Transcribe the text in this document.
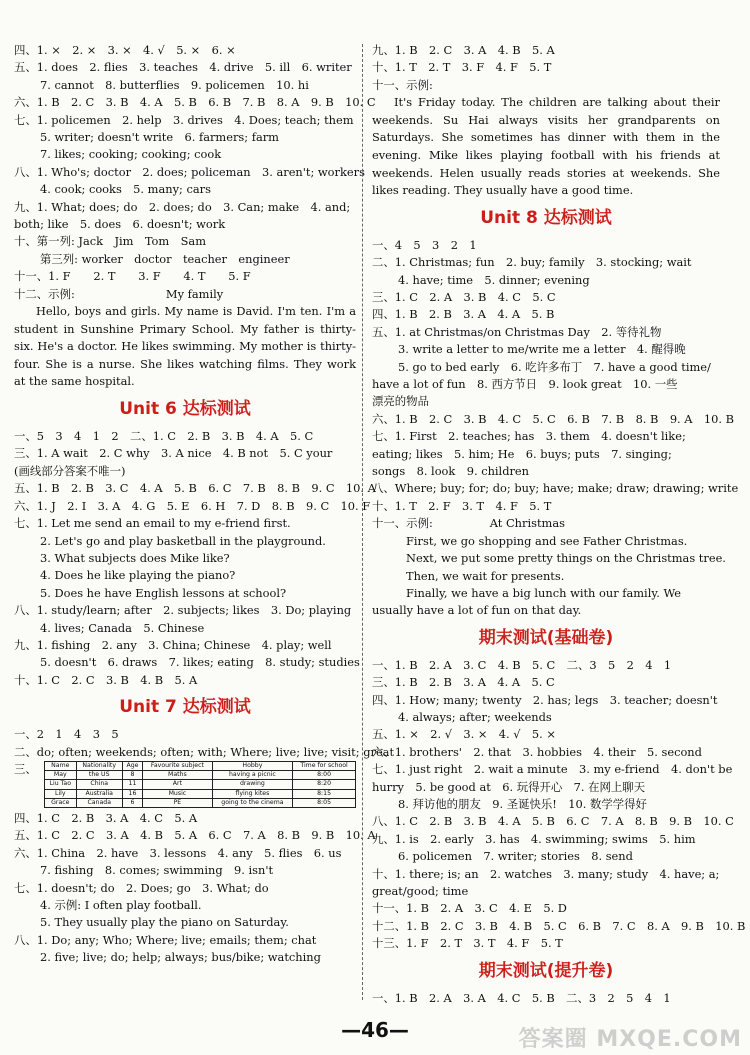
四、1. ×　2. ×　3. ×　4. √　5. ×　6. ×
五、1. does　2. flies　3. teaches　4. drive　5. ill　6. writer
7. cannot　8. butterflies　9. policemen　10. hi
六、1. B　2. C　3. B　4. A　5. B　6. B　7. B　8. A　9. B　10. C
七、1. policemen　2. help　3. drives　4. Does; teach; them
5. writer; doesn't write　6. farmers; farm
7. likes; cooking; cooking; cook
八、1. Who's; doctor　2. does; policeman　3. aren't; workers
4. cook; cooks　5. many; cars
九、1. What; does; do　2. does; do　3. Can; make　4. and;
both; like　5. does　6. doesn't; work
十、第一列: Jack　Jim　Tom　Sam
第三列: worker　doctor　teacher　engineer
十一、1. F　　2. T　　3. F　　4. T　　5. F
十二、示例:　　　　　　　　My family
Hello, boys and girls. My name is David. I'm ten. I'm a student in Sunshine Primary School. My father is thirty-six. He's a doctor. He likes swimming. My mother is thirty-four. She is a nurse. She likes watching films. They work at the same hospital.
Unit 6 达标测试
一、5　3　4　1　2　二、1. C　2. B　3. B　4. A　5. C
三、1. A wait　2. C why　3. A nice　4. B not　5. C your
(画线部分答案不唯一)
五、1. B　2. B　3. C　4. A　5. B　6. C　7. B　8. B　9. C　10. A
六、1. J　2. I　3. A　4. G　5. E　6. H　7. D　8. B　9. C　10. F
七、1. Let me send an email to my e-friend first.
2. Let's go and play basketball in the playground.
3. What subjects does Mike like?
4. Does he like playing the piano?
5. Does he have English lessons at school?
八、1. study/learn; after　2. subjects; likes　3. Do; playing
4. lives; Canada　5. Chinese
九、1. fishing　2. any　3. China; Chinese　4. play; well
5. doesn't　6. draws　7. likes; eating　8. study; studies
十、1. C　2. C　3. B　4. B　5. A
Unit 7 达标测试
一、2　1　4　3　5
二、do; often; weekends; often; with; Where; live; live; visit; great
三、 Name	Nationality	Age	Favourite subject	Hobby	Time for school
May	the US	8	Maths	having a picnic	8:00
Liu Tao	China	11	Art	drawing	8:20
Lily	Australia	16	Music	flying kites	8:15
Grace	Canada	6	PE	going to the cinema	8:05
四、1. C　2. B　3. A　4. C　5. A
五、1. C　2. C　3. A　4. B　5. A　6. C　7. A　8. B　9. B　10. A
六、1. China　2. have　3. lessons　4. any　5. flies　6. us
7. fishing　8. comes; swimming　9. isn't
七、1. doesn't; do　2. Does; go　3. What; do
4. 示例: I often play football.
5. They usually play the piano on Saturday.
八、1. Do; any; Who; Where; live; emails; them; chat
2. five; live; do; help; always; bus/bike; watching
九、1. B　2. C　3. A　4. B　5. A
十、1. T　2. T　3. F　4. F　5. T
十一、示例:
It's Friday today. The children are talking about their weekends. Su Hai always visits her grandparents on Saturdays. She sometimes has dinner with them in the evening. Mike likes playing football with his friends at weekends. Helen usually reads stories at weekends. She likes reading. They usually have a good time.
Unit 8 达标测试
一、4　5　3　2　1
二、1. Christmas; fun　2. buy; family　3. stocking; wait
4. have; time　5. dinner; evening
三、1. C　2. A　3. B　4. C　5. C
四、1. B　2. B　3. A　4. A　5. B
五、1. at Christmas/on Christmas Day　2. 等待礼物
3. write a letter to me/write me a letter　4. 醒得晚
5. go to bed early　6. 吃许多布丁　7. have a good time/
have a lot of fun　8. 西方节日　9. look great　10. 一些
漂亮的物品
六、1. B　2. C　3. B　4. C　5. C　6. B　7. B　8. B　9. A　10. B
七、1. First　2. teaches; has　3. them　4. doesn't like;
eating; likes　5. him; He　6. buys; puts　7. singing;
songs　8. look　9. children
八、Where; buy; for; do; buy; have; make; draw; drawing; write
十、1. T　2. F　3. T　4. F　5. T
十一、示例:　　　　　At Christmas
First, we go shopping and see Father Christmas.
Next, we put some pretty things on the Christmas tree.
Then, we wait for presents.
Finally, we have a big lunch with our family. We
usually have a lot of fun on that day.
期末测试(基础卷)
一、1. B　2. A　3. C　4. B　5. C　二、3　5　2　4　1
三、1. B　2. B　3. A　4. A　5. C
四、1. How; many; twenty　2. has; legs　3. teacher; doesn't
4. always; after; weekends
五、1. ×　2. √　3. ×　4. √　5. ×
六、1. brothers'　2. that　3. hobbies　4. their　5. second
七、1. just right　2. wait a minute　3. my e-friend　4. don't be
hurry　5. be good at　6. 玩得开心　7. 在网上聊天
8. 拜访他的朋友　9. 圣诞快乐!　10. 数学学得好
八、1. C　2. B　3. B　4. A　5. B　6. C　7. A　8. B　9. B　10. C
九、1. is　2. early　3. has　4. swimming; swims　5. him
6. policemen　7. writer; stories　8. send
十、1. there; is; an　2. watches　3. many; study　4. have; a;
great/good; time
十一、1. B　2. A　3. C　4. E　5. D
十二、1. B　2. C　3. B　4. B　5. C　6. B　7. C　8. A　9. B　10. B
十三、1. F　2. T　3. T　4. F　5. T
期末测试(提升卷)
一、1. B　2. A　3. A　4. C　5. B　二、3　2　5　4　1
—46—	答案圈 MXQE.COM
